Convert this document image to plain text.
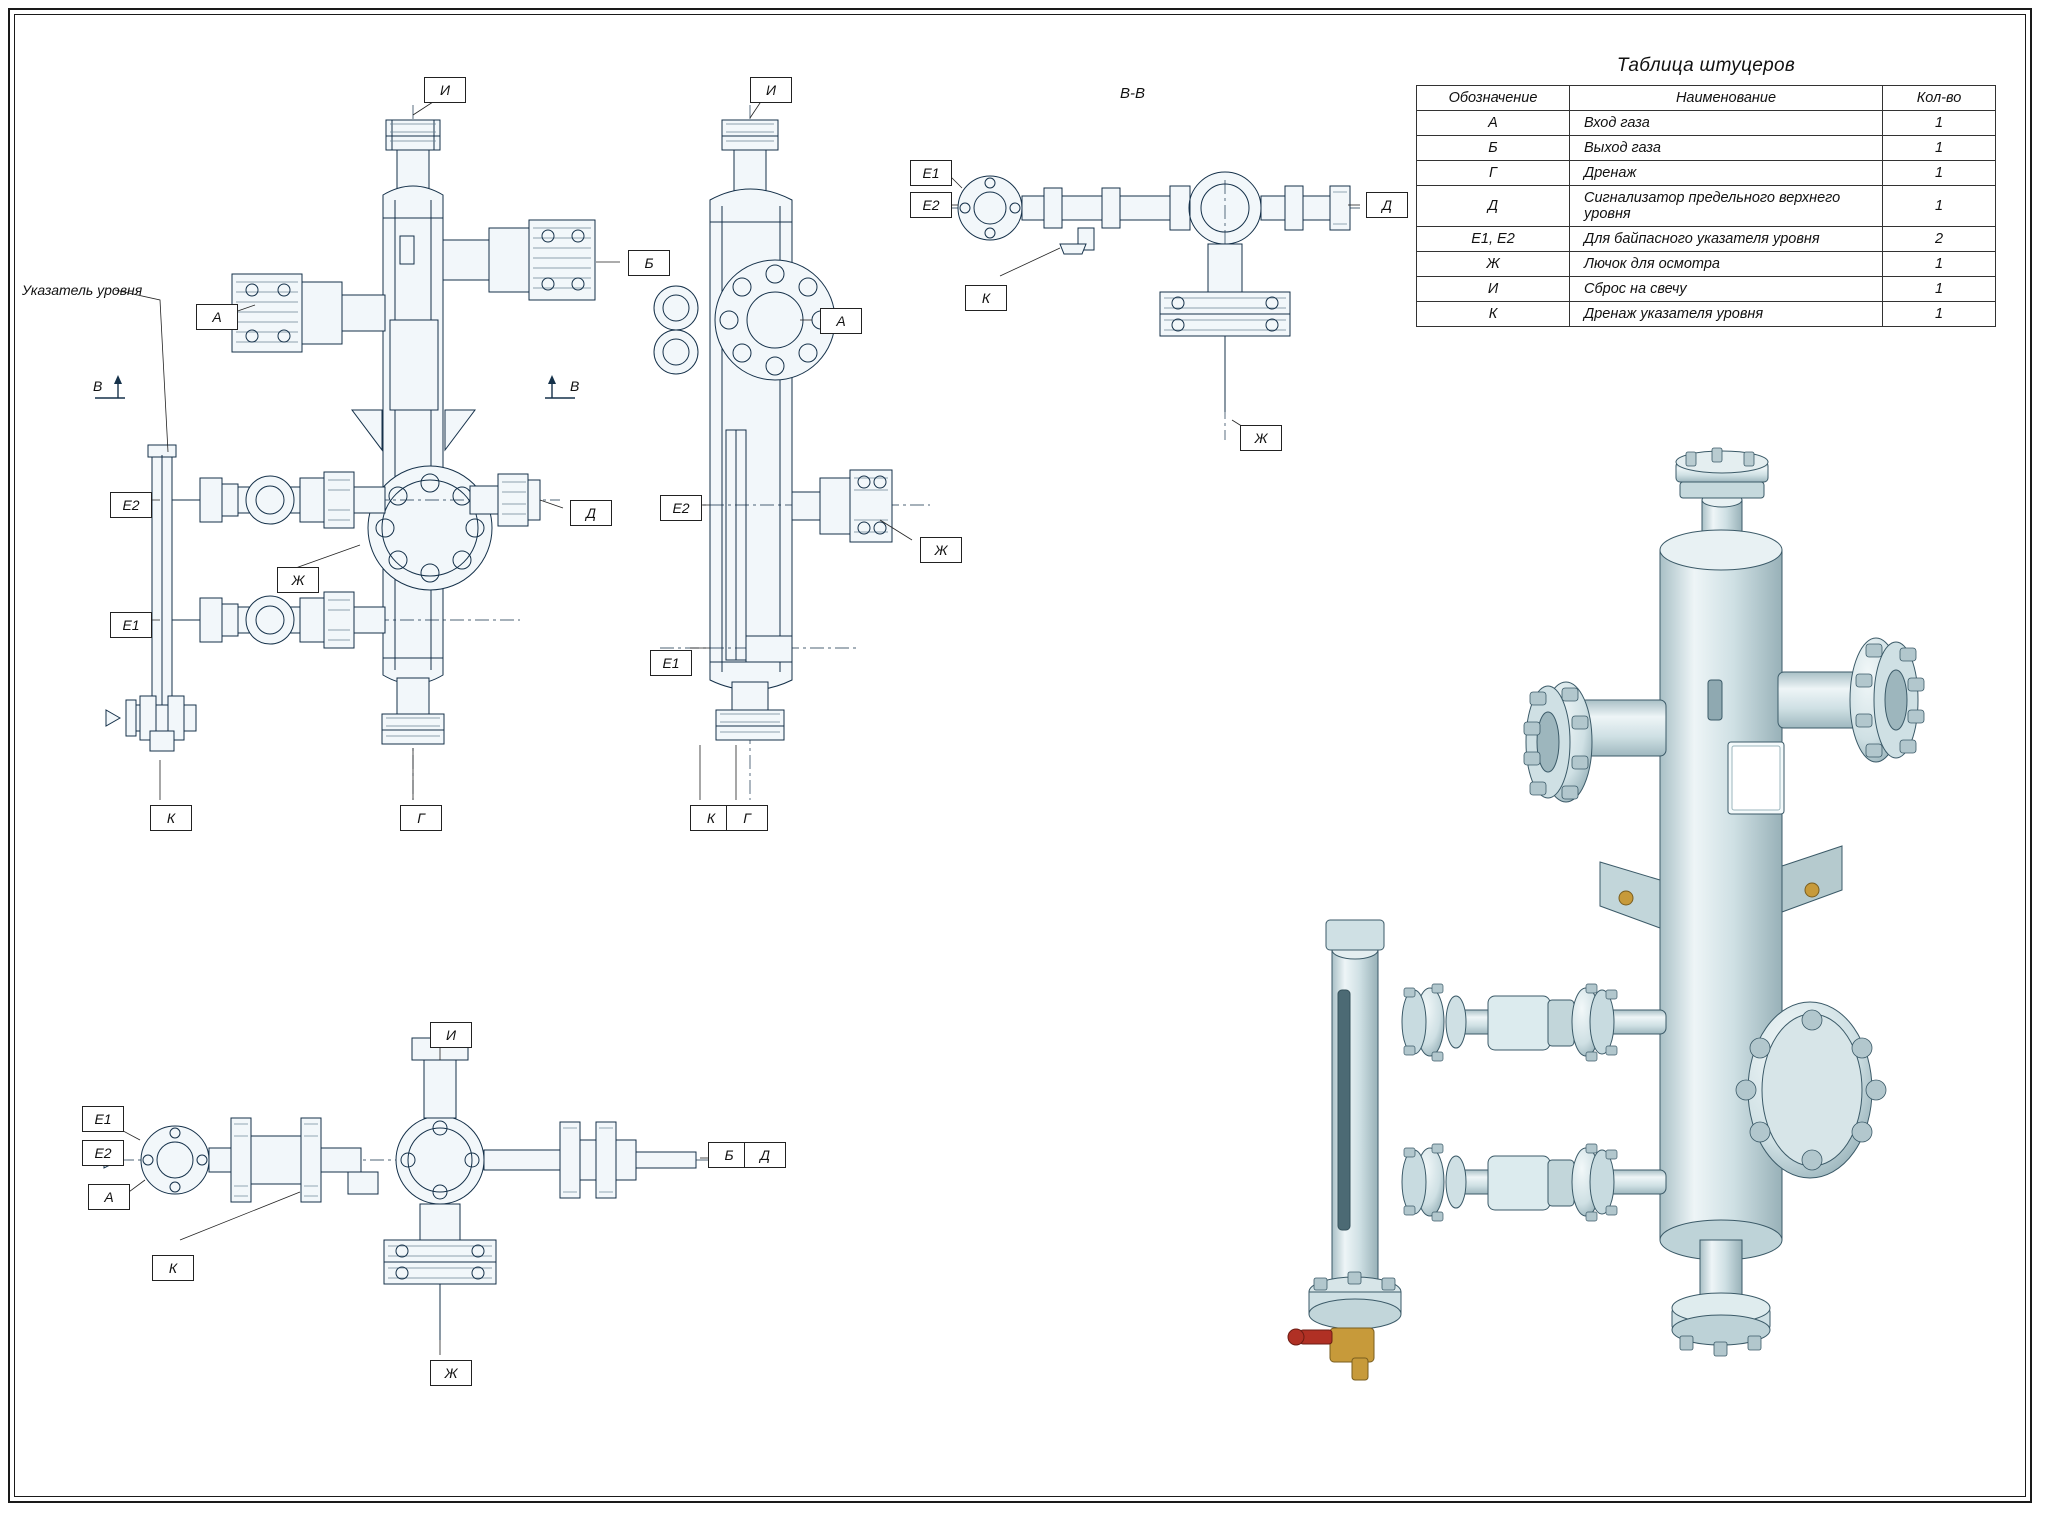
Таблица штуцеров
Обозначение	Наименование	Кол-во
А	Вход газа	1
Б	Выход газа	1
Г	Дренаж	1
Д	Сигнализатор предельного верхнего уровня	1
Е1, Е2	Для байпасного указателя уровня	2
Ж	Лючок для осмотра	1
И	Сброс на свечу	1
К	Дренаж указателя уровня	1
И
Б
А
Е2	Д
Ж
Е1
К	Г
И
А
Е2
Ж
Е1
К	Г
Е1
Е2	Д
К
Ж
И
Е1
Е2
А
Б	Д
К
Ж
Указатель уровня
В-В
В	В
